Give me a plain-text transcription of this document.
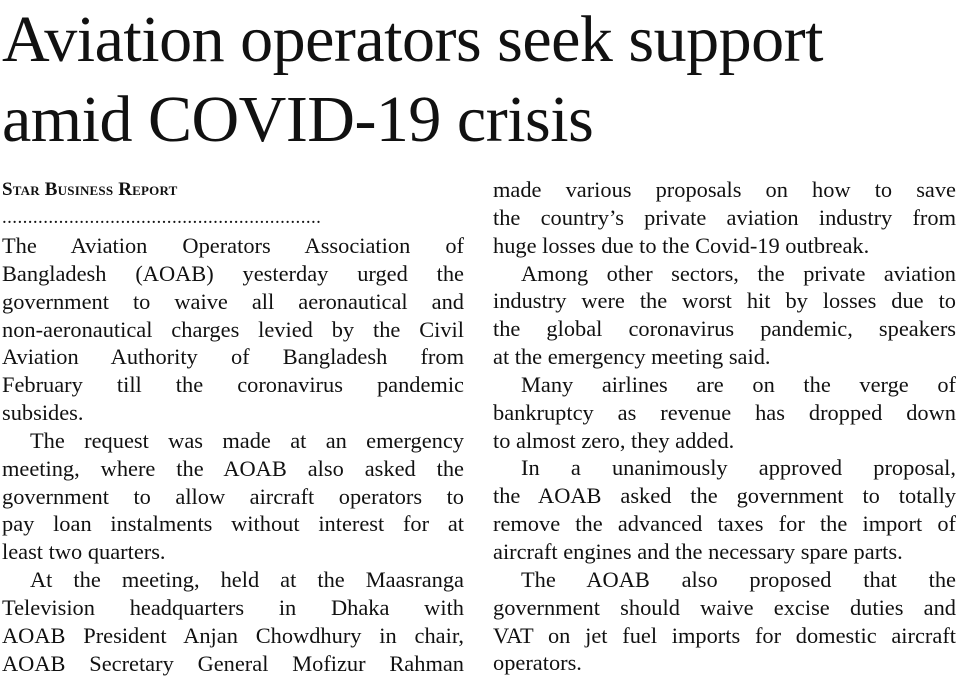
Aviation operators seek support
amid COVID-19 crisis
Star Business Report
..............................................................
The Aviation Operators Association of
Bangladesh (AOAB) yesterday urged the
government to waive all aeronautical and
non-aeronautical charges levied by the Civil
Aviation Authority of Bangladesh from
February till the coronavirus pandemic
subsides.
The request was made at an emergency
meeting, where the AOAB also asked the
government to allow aircraft operators to
pay loan instalments without interest for at
least two quarters.
At the meeting, held at the Maasranga
Television headquarters in Dhaka with
AOAB President Anjan Chowdhury in chair,
AOAB Secretary General Mofizur Rahman
made various proposals on how to save
the country’s private aviation industry from
huge losses due to the Covid-19 outbreak.
Among other sectors, the private aviation
industry were the worst hit by losses due to
the global coronavirus pandemic, speakers
at the emergency meeting said.
Many airlines are on the verge of
bankruptcy as revenue has dropped down
to almost zero, they added.
In a unanimously approved proposal,
the AOAB asked the government to totally
remove the advanced taxes for the import of
aircraft engines and the necessary spare parts.
The AOAB also proposed that the
government should waive excise duties and
VAT on jet fuel imports for domestic aircraft
operators.
